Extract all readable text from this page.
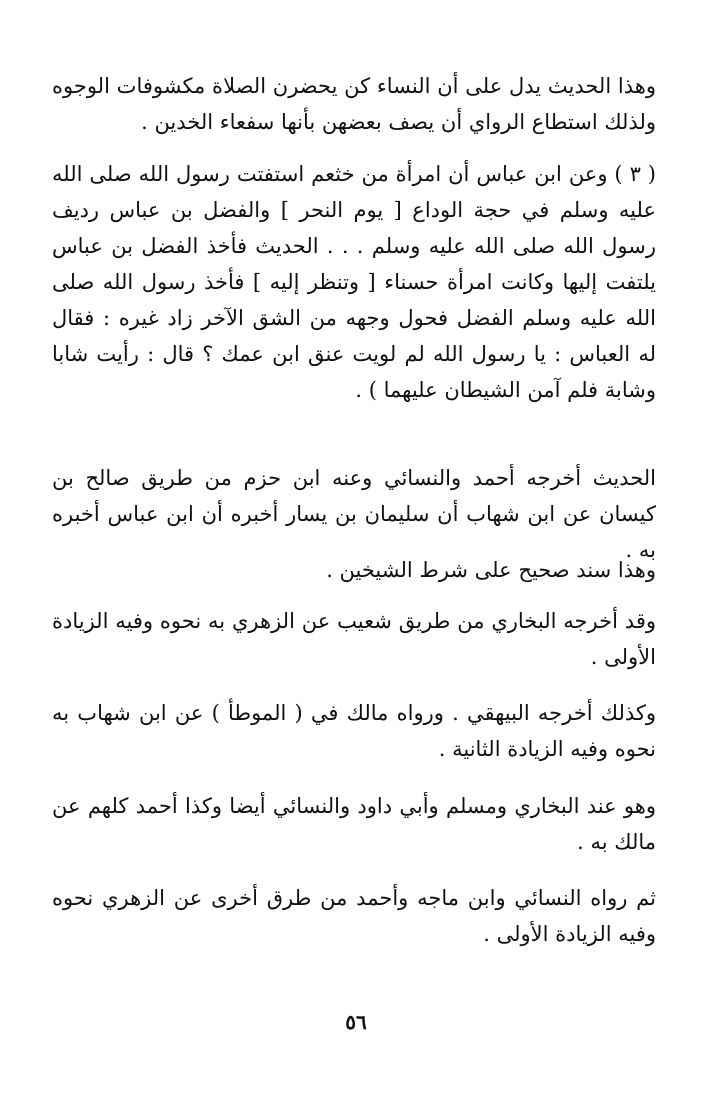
وهذا الحديث يدل على أن النساء كن يحضرن الصلاة مكشوفات الوجوه ولذلك استطاع الرواي أن يصف بعضهن بأنها سفعاء الخدين .

( ٣ ) وعن ابن عباس أن امرأة من خثعم استفتت رسول الله صلى الله عليه وسلم في حجة الوداع [ يوم النحر ] والفضل بن عباس رديف رسول الله صلى الله عليه وسلم . . . الحديث فأخذ الفضل بن عباس يلتفت إليها وكانت امرأة حسناء [ وتنظر إليه ] فأخذ رسول الله صلى الله عليه وسلم الفضل فحول وجهه من الشق الآخر زاد غيره : فقال له العباس : يا رسول الله لم لويت عنق ابن عمك ؟ قال : رأيت شابا وشابة فلم آمن الشيطان عليهما ) .

الحديث أخرجه أحمد والنسائي وعنه ابن حزم من طريق صالح بن كيسان عن ابن شهاب أن سليمان بن يسار أخبره أن ابن عباس أخبره به .

وهذا سند صحيح على شرط الشيخين .

وقد أخرجه البخاري من طريق شعيب عن الزهري به نحوه وفيه الزيادة الأولى .

وكذلك أخرجه البيهقي . ورواه مالك في ( الموطأ ) عن ابن شهاب به نحوه وفيه الزيادة الثانية .

وهو عند البخاري ومسلم وأبي داود والنسائي أيضا وكذا أحمد كلهم عن مالك به .

ثم رواه النسائي وابن ماجه وأحمد من طرق أخرى عن الزهري نحوه وفيه الزيادة الأولى .

٥٦
